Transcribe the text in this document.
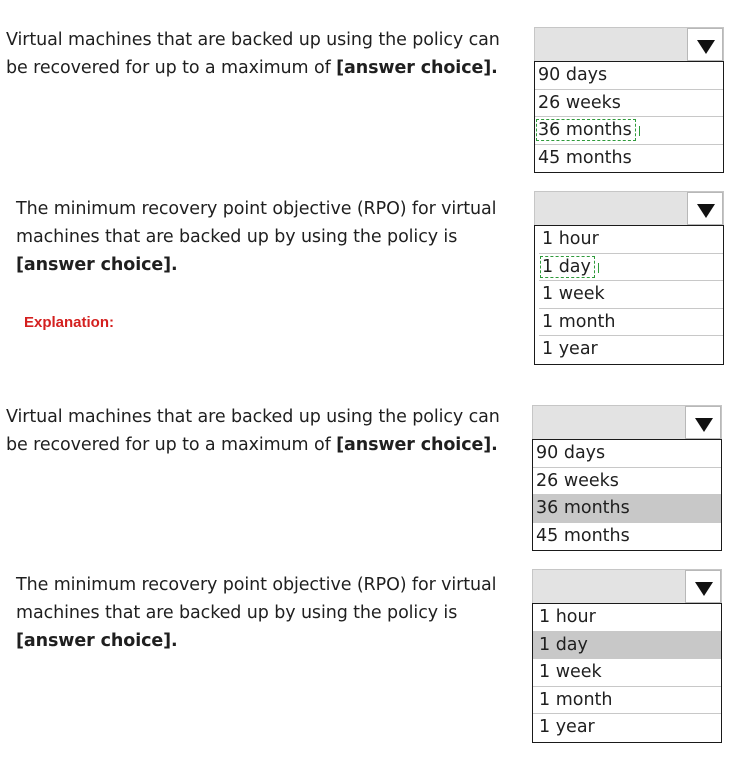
Virtual machines that are backed up using the policy can
be recovered for up to a maximum of [answer choice]. 90 days
26 weeks
36 months
45 months

The minimum recovery point objective (RPO) for virtual
machines that are backed up by using the policy is
[answer choice].

1 hour
1 day
1 week
1 month
1 year

Explanation:

Virtual machines that are backed up using the policy can
be recovered for up to a maximum of [answer choice]. 90 days
26 weeks
36 months
45 months

The minimum recovery point objective (RPO) for virtual
machines that are backed up by using the policy is
[answer choice].

1 hour
1 day
1 week
1 month
1 year
